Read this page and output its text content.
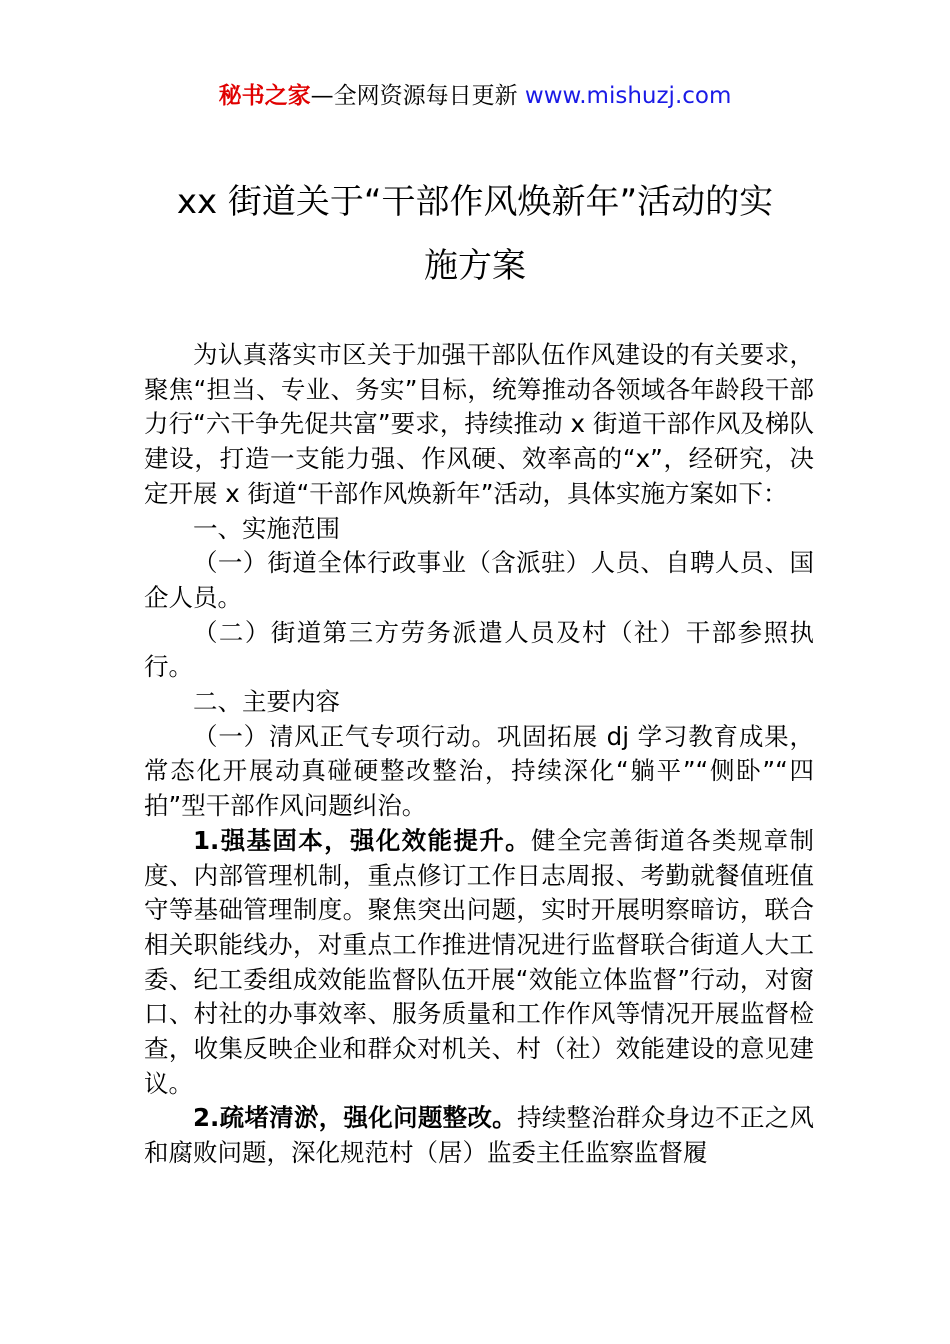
秘书之家—全网资源每日更新 www.mishuzj.com
xx 街道关于“干部作风焕新年”活动的实
施方案

为认真落实市区关于加强干部队伍作风建设的有关要求，聚焦“担当、专业、务实”目标，统筹推动各领域各年龄段干部力行“六干争先促共富”要求，持续推动 x 街道干部作风及梯队建设，打造一支能力强、作风硬、效率高的“x”，经研究，决定开展 x 街道“干部作风焕新年”活动，具体实施方案如下：

一、实施范围

（一）街道全体行政事业（含派驻）人员、自聘人员、国企人员。

（二）街道第三方劳务派遣人员及村（社）干部参照执行。

二、主要内容

（一）清风正气专项行动。巩固拓展 dj 学习教育成果，常态化开展动真碰硬整改整治，持续深化“躺平”“侧卧”“四拍”型干部作风问题纠治。

1.强基固本，强化效能提升。健全完善街道各类规章制度、内部管理机制，重点修订工作日志周报、考勤就餐值班值守等基础管理制度。聚焦突出问题，实时开展明察暗访，联合相关职能线办，对重点工作推进情况进行监督联合街道人大工委、纪工委组成效能监督队伍开展“效能立体监督”行动，对窗口、村社的办事效率、服务质量和工作作风等情况开展监督检查，收集反映企业和群众对机关、村（社）效能建设的意见建议。

2.疏堵清淤，强化问题整改。持续整治群众身边不正之风和腐败问题，深化规范村（居）监委主任监察监督履
